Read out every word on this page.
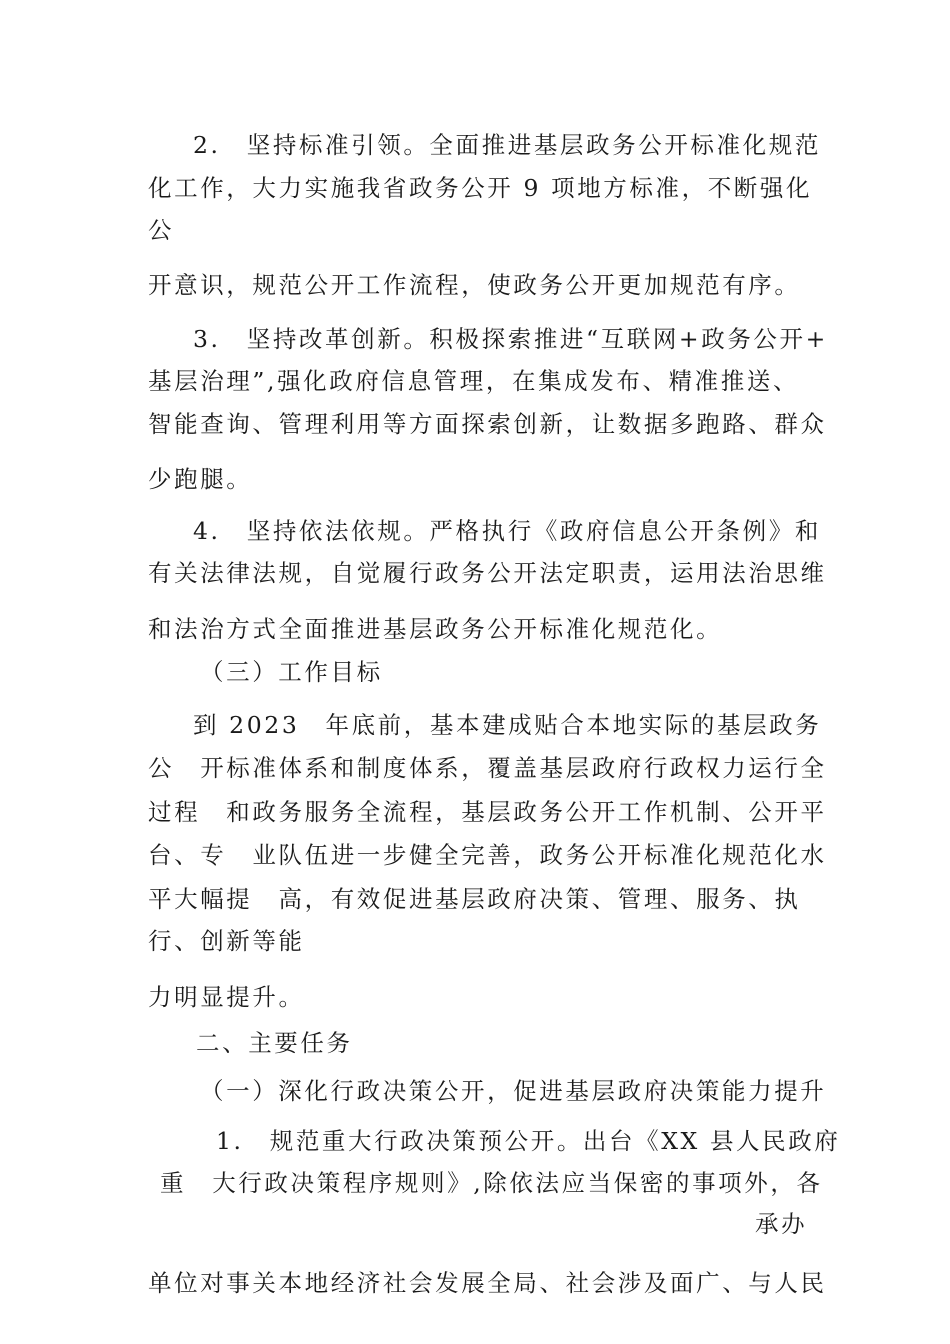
2.　坚持标准引领。全面推进基层政务公开标准化规范
化工作，大力实施我省政务公开 9 项地方标准，不断强化
公
开意识，规范公开工作流程，使政务公开更加规范有序。
3.　坚持改革创新。积极探索推进“互联网+政务公开+
基层治理”,强化政府信息管理，在集成发布、精准推送、
智能查询、管理利用等方面探索创新，让数据多跑路、群众
少跑腿。
4.　坚持依法依规。严格执行《政府信息公开条例》和
有关法律法规，自觉履行政务公开法定职责，运用法治思维
和法治方式全面推进基层政务公开标准化规范化。
（三）工作目标
到 2023　年底前，基本建成贴合本地实际的基层政务
公　开标准体系和制度体系，覆盖基层政府行政权力运行全
过程　和政务服务全流程，基层政务公开工作机制、公开平
台、专　业队伍进一步健全完善，政务公开标准化规范化水
平大幅提　高，有效促进基层政府决策、管理、服务、执
行、创新等能
力明显提升。
二、主要任务
（一）深化行政决策公开，促进基层政府决策能力提升
1.　规范重大行政决策预公开。出台《XX 县人民政府
重　大行政决策程序规则》,除依法应当保密的事项外，各
承办
单位对事关本地经济社会发展全局、社会涉及面广、与人民
